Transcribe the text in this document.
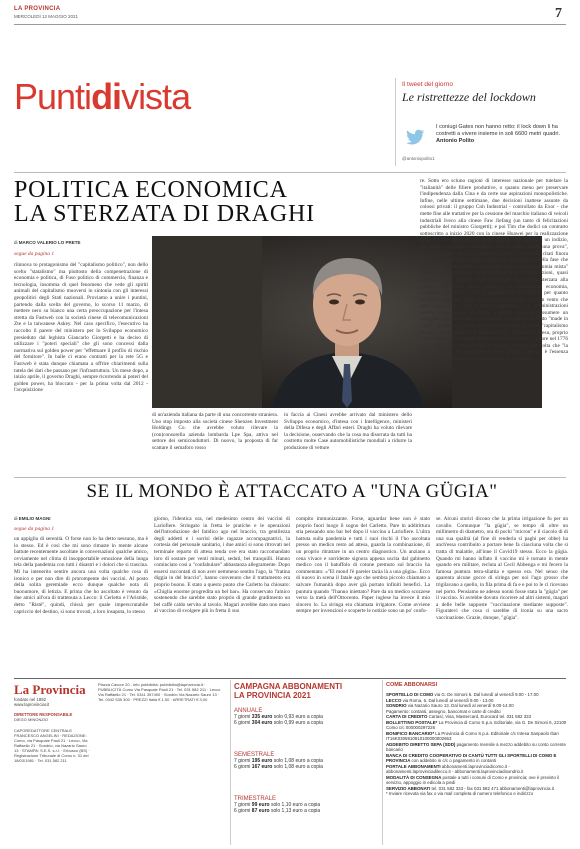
LA PROVINCIA
MERCOLEDÌ 12 MAGGIO 2021	7
Puntidivista	Il tweet del giorno
Le ristrettezze del lockdown
I coniugi Gates non hanno retto: il lock down li ha costretti a vivere insieme in soli 6600 metri quadri.
Antonio Polito
@antoniopolito1
POLITICA ECONOMICA
LA STERZATA DI DRAGHI
di MARCO VALERIO LO PRETE
segue da pagina 1
riinnova to protagonismo del "capitalismo politico", non dello scelto "statalismo" ma piuttosto della compenetrazione di economia e politica, di Fuso politico di commercio, finanza e tecnologia, insomma di quel fenomeno che vede gli spiriti animali del capitalismo muoversi in sintonia con gli interessi geopolitici degli Stati nazionali. Proviamo a unire i puntini, partendo dalla scelta del governo, lo scorso 11 marzo, di mettere nero su bianco una certa preoccupazione per l'intesa stretta da Fastweb con la società cinese di telecomunicazioni Zte e la taiwanese Askey. Nel caso specifico, l'esecutivo ha raccolto il parere del ministero per lo Sviluppo economico presieduto dal leghista Giancarlo Giorgetti e ha deciso di utilizzare i "poteri speciali" che gli sono concessi dalla normativa sul golden power per "effettuare il profilo di rischio del fornitore". In balle ci erano contratti per la rete 5G e Fastweb è stata dunque chiamata a offrire chiarimenti sulla tutela dei dati che passano per l'infrastruttura. Un mese dopo, a inizio aprile, il governo Draghi, sempre ricorrendo ai poteri del golden power, ha bloccato - per la prima volta dal 2012 - l'acquisizione
di un'azienda italiana da parte di una concorrente straniera. Uno stop imposto alla società cinese Shenzen Investment Holdings Co. che avrebbe voluto rilevare la (con)consorella azienda lombarda Lpe Spa, attiva nel settore dei semiconduttori. Di nuovo, la proposta di far scattare il semaforo rosso
in faccia ai Cinesi avrebbe arrivato dal ministero dello Sviluppo economico, d'intesa con i Intelligence, ministeri della Difesa e degli Affari esteri. Draghi ha voluto rilevare la decisione, osservando che la cosa ma disorrata da tutti ha costretto molte Case automobilistiche mondiali a ridurre la produzione di vetture
re. Sotto ero sciuno ragioni di interesse nazionale per tutelare la "italianità" delle filiere produttive, o quanto meno per preservare l'indipendenza dalla Cina e da certe sue aspirazioni monopolistiche. Infine, nelle ultime settimane, due decisioni inattese assunte da colossi privati: il gruppo Cnh Industrial - controllato da Exor - che mette fine alle trattative per la cessione del marchio italiano di veicoli industriali Iveco alla cinese Faw Jiefang (un tanto di felicitazioni pubbliche del ministro Giorgetti); e poi Tim che dodici un contratto sottoscritto a inizio 2020 con la cinese Huawei per la realizzazione della rete d'accesso 5G nel nostro Paese. "Un indizio è un indizio, due indizi sono una coincidenza, ma tre indizi fanno una prova", diceva la regina del giallo Agatha Christie. I tre indizi citati finora non fanno eccezione. Mario Draghi, già protagonista della fase che all'inizio degli anni 90 ha consegnato alla storia l'"economia mista" italiana ha capofitto al Paese nell'era delle privatizzazioni, quasi trent'anni dopo sembra voler imprimere una nuova sterzata alla politica economica della penisola. In quest'ottica, economia, sicurezza nazionale e priorità geopolitiche d'un Paese, per quanto possibile, marciano unite. In sintonia, tra l'altro, con un vento che spira dagli Stati Uniti in modo bipartisan, con amministrazioni diverse come quelle di Trump e Biden anche nell'assumere un atteggiamento più assertivo rispetto al capitalismo di Stato "made in China". D'altronde, come ricorda in un recente libro sul "capitalismo politico" un consigliere di Palazzo Chigi, Alessandro Aresu, proprio Adam Smith, padre ideale dell'economia di mercato e autore nel 1776 del classico "La ricchezza delle nazioni", scrisse una volta che "la difesa è molto più importante della ricchezza". Se non è l'essenza della "Draghinomics", ne è sicuramente un capisaldo.
SE IL MONDO È ATTACCATO A "UNA GÜGIA"
di EMILIO MAGNI
segue da pagina 1
un appiglio di serenità. O forse non lo ha detto nessuno, ma è lo stesso. Ed è così che mi sono rimaste in mente alcune battute recentemente ascoltate in conversazioni qualche amico, ovviamente nel clima di insopportabile emozione della lunga tela della pandemia con tutti i disastri e i dolori che si trascina. Mi ha intenerito sentire ancora una volta qualche cosa di ironico e per non dire di prorompente dei vaccini. Al posto della solita geremiade ecco dunque qualche nota di buonumore, di letizia. E prima che ho ascoltato è venuto da due amici all'ora di trattenuta a Lecco: il Cerletto e l'Aristide, detto "Ristè", quindi, chissà per quale imperscrutabile capriccio del destino, si sono trovati, a loro insaputa, lo stesso
giorno, l'identica ora, nel medesimo centro dei vaccini di Lariofiere. Stringato in fretta le pratiche e le operazioni dell'introduzione del fatidico ago nel braccio, tra gentilezza degli addetti e i sorrisi delle ragazze accompagnatrici, la cortesia del personale sanitario, i due amici si sono ritrovati nel terminale reparto di attesa tenda ove era stato raccomandato loro di sostare per venti minuti, seduti, bei tranquilli. Hanno cominciato così a "confabulare" abbastanza allegramente. Dopo essersi raccontati di non aver nemmeno sentito l'ago, la "fratina diggia in del braccio", hanno convenuto che il trattamento era proprio buono. E stato a questo punto che Carletto ha chiosato: «Chiglia enorme progredita un bel bar». Ha conservato l'amico sostenendo che sarebbe stato proprio di grande gradimento un bel caffè caldo servito al tavolo. Magari avrebbe dato uno maso al vaccino di svolgere più in fretta il suo
compito immunizzante. Forse, aguardar bene non è stato proprio fuori luogo il sogno del Carletto. Pare in addirittura stia pensando uno bar bel dopo il vaccino a Lariofiere. L'ultra battuta sulla pandemia e tutti i suoi rischi il l'ho ascoltata presso un medico resto ad attesa, guarda la combinazione, di un proprio ritrattare in un centro diagnostico. Un anziano a cena vivace e sorridente signora appena uscita dal gabinetto medico con il batuffolo di cotone premuto sul braccio ha commentato: «"El mond l'è pareier tacàa là a una gügia». Ecco di nuovo in scena il fatale ago che sembra piccolo chiamato a salvare l'umanità dopo aver già portato infiniti benefici. La puntura quando "l'hanno iniettato? Pare da un medico scozzese verso la metà dell'Ottocento. Paper inglese ha invece il mio sincero lo. La siringa era chiamata irrigatore. Come avviene sempre per invenzioni e scoperte le notizie sono un po' confu-
se. Alcuni storici dicono che la prima irrigazione fu per un cavallo. Comunque "la gügia", se tempo di oltre un millimetro di diametro, ora di pochi "micron" e il ciacolo di di una sua qualità (al fine di renderla sì paghi per obbe) ha anch'essa contribuito a portare bene fa ciasciuna volta che si tratta di malattie, all'inne il Covid19 stesso. Ecco la gügia. Quando mi hanno inflato il vaccino mi è tornato in mente quando ero militare, recluta al Cecil Abbenga e mi fecero la famosa puntura tetra-sliattia e spesso era. Nel senso che aparenta alcune gocce di siringa per noi l'ago grosso che trigilavano a quello, in fila prima di fa e e poi to le ci ricevano nei porto. Pensiamo ne adesso nonni fosse stata la "gügia" per il vaccino. Si avrebbe dovuto ricorrere ad altri sistemi, magari a delle belle supposte "vaccinazione mediante supposte". Figuratevi che cosa ci sarebbe di ironia su una sacro vaccinazione. Grazie, dunque, "gügia".
La Provincia
fondato nel 1892
www.laprovinciacit
DIRETTORE RESPONSABILE
DIEGO MINONZIO
CAPOREDATTORE CENTRALE FRANCESCO ANGELINI · REDAZIONE: Como, via Pasquale Paoli 21 · Lecco, Via Raffaello 21 · Sondrio, via Nazario Sauro 13 · STAMPA: S.E.S. s.r.l. · Erbusco (BS) · Registrazione Tribunale di Como n. 31 del 18/03/1981 · Tel. 031 582 211
Piazza Cavour 20 - info pubblicità: pubblicita@laprovincia.it · PUBBLICITÀ Como Via Pasquale Paoli 21 · Tel. 031 582 211 · Lecco Via Raffaello 21 · Tel. 0341 357400 · Sondrio Via Nazario Sauro 13 · Tel. 0342 535 300 · PREZZI Italia € 1,50 · ARRETRATI € 3,00
CAMPAGNA ABBONAMENTI
LA PROVINCIA 2021
ANNUALE
7 giorni 335 euro solo 0,93 euro a copia
6 giorni 304 euro solo 0,99 euro a copia
SEMESTRALE
7 giorni 195 euro solo 1,08 euro a copia
6 giorni 167 euro solo 1,08 euro a copia
TRIMESTRALE
7 giorni 99 euro solo 1,10 euro a copia
6 giorni 87 euro solo 1,13 euro a copia
COME ABBONARSI
SPORTELLO DI COMO via G. De Simoni 6. Dal lunedì al venerdì 9.00 - 17.00
LECCO via Roma, 6. Dal lunedì al venerdì 9.00 - 13.00
SONDRIO via Nazario Sauro 13. Dal lunedì al venerdì 9.00-14.00
Pagamento: contanti, assegno, bancomat e carte di credito
CARTA DI CREDITO Cartasì, Visa, Mastercard, Eurocard tel. 031 582 333
BOLLETTINO POSTALE* La Provincia di Como S.p.a. Editoriale, via G. De Simoni 6, 22100 Como c/c 000000297226
BONIFICO BANCARIO* La Provincia di Como S.p.a. Editoriale c/c Intesa Sanpaolo Iban IT16K0306910910100000002663
ADDEBITO DIRETTO SEPA (SDD) pagamento mensile a mezzo addebito su conto corrente bancario
BANCA DI CREDITO COOPERATIVO DI CANTÙ TUTTI GLI SPORTELLI DI COMO E PROVINCIA con addebito in c/c o pagamento in contanti
PORTALE ABBONAMENTI abbonamenti.laprovinciadicomo.it - abbonamenti.laprovinciadilecco.it - abbonamenti.laprovinciadisondrio.it
MODALITÀ DI CONSEGNA postale a tutti i comuni di Como e provincia; ove è previsto il servizio, appoggio in edicola a piedi
SERVIZIO ABBONATI tel. 031 582 333 - fax 031 582 471 abbonamenti@laprovincia.it
* Inviare ricevuta via fax o via mail completa di numero telefonico e indirizzo
